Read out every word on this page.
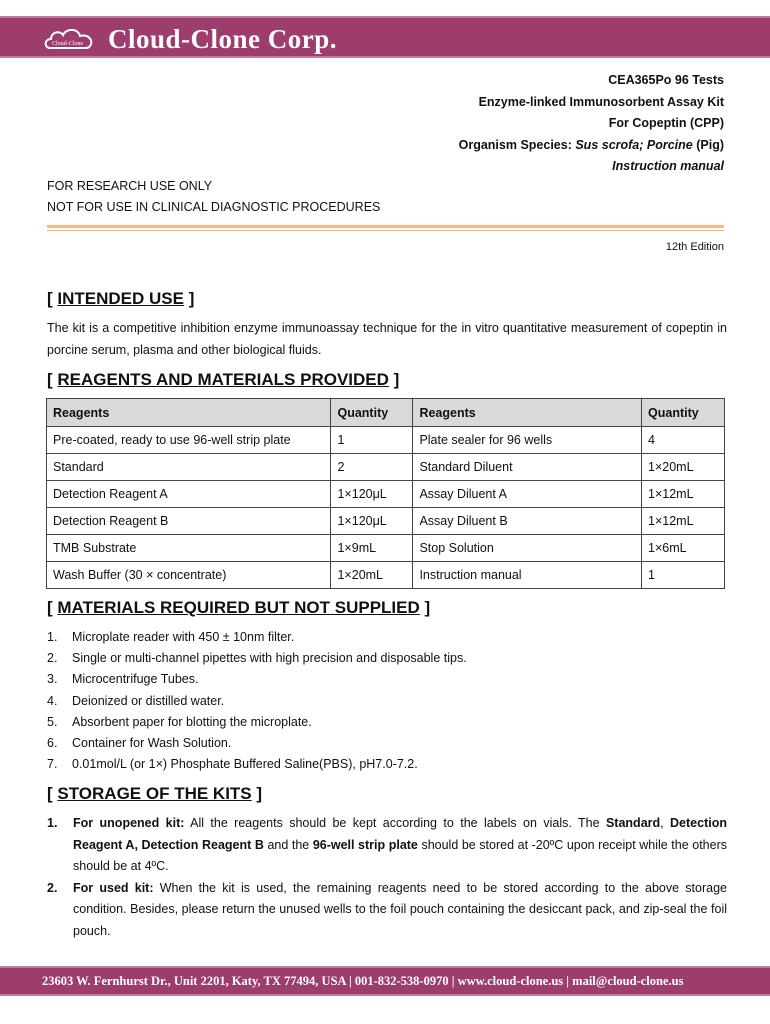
Cloud-Clone Cloud-Clone Corp.
CEA365Po 96 Tests
Enzyme-linked Immunosorbent Assay Kit
For Copeptin (CPP)
Organism Species: Sus scrofa; Porcine (Pig)
Instruction manual
FOR RESEARCH USE ONLY
NOT FOR USE IN CLINICAL DIAGNOSTIC PROCEDURES
12th Edition
[ INTENDED USE ]
The kit is a competitive inhibition enzyme immunoassay technique for the in vitro quantitative measurement of copeptin in porcine serum, plasma and other biological fluids.
[ REAGENTS AND MATERIALS PROVIDED ]
Reagents	Quantity	Reagents	Quantity
Pre-coated, ready to use 96-well strip plate	1	Plate sealer for 96 wells	4
Standard	2	Standard Diluent	1×20mL
Detection Reagent A	1×120μL	Assay Diluent A	1×12mL
Detection Reagent B	1×120μL	Assay Diluent B	1×12mL
TMB Substrate	1×9mL	Stop Solution	1×6mL
Wash Buffer (30 × concentrate)	1×20mL	Instruction manual	1
[ MATERIALS REQUIRED BUT NOT SUPPLIED ]
1. Microplate reader with 450 ± 10nm filter.
2. Single or multi-channel pipettes with high precision and disposable tips.
3. Microcentrifuge Tubes.
4. Deionized or distilled water.
5. Absorbent paper for blotting the microplate.
6. Container for Wash Solution.
7. 0.01mol/L (or 1×) Phosphate Buffered Saline(PBS), pH7.0-7.2.
[ STORAGE OF THE KITS ]
1.	For unopened kit: All the reagents should be kept according to the labels on vials. The Standard, Detection Reagent A, Detection Reagent B and the 96-well strip plate should be stored at -20ºC upon receipt while the others should be at 4ºC.
2.	For used kit: When the kit is used, the remaining reagents need to be stored according to the above storage condition. Besides, please return the unused wells to the foil pouch containing the desiccant pack, and zip-seal the foil pouch.
23603 W. Fernhurst Dr., Unit 2201, Katy, TX 77494, USA | 001-832-538-0970 | www.cloud-clone.us | mail@cloud-clone.us
